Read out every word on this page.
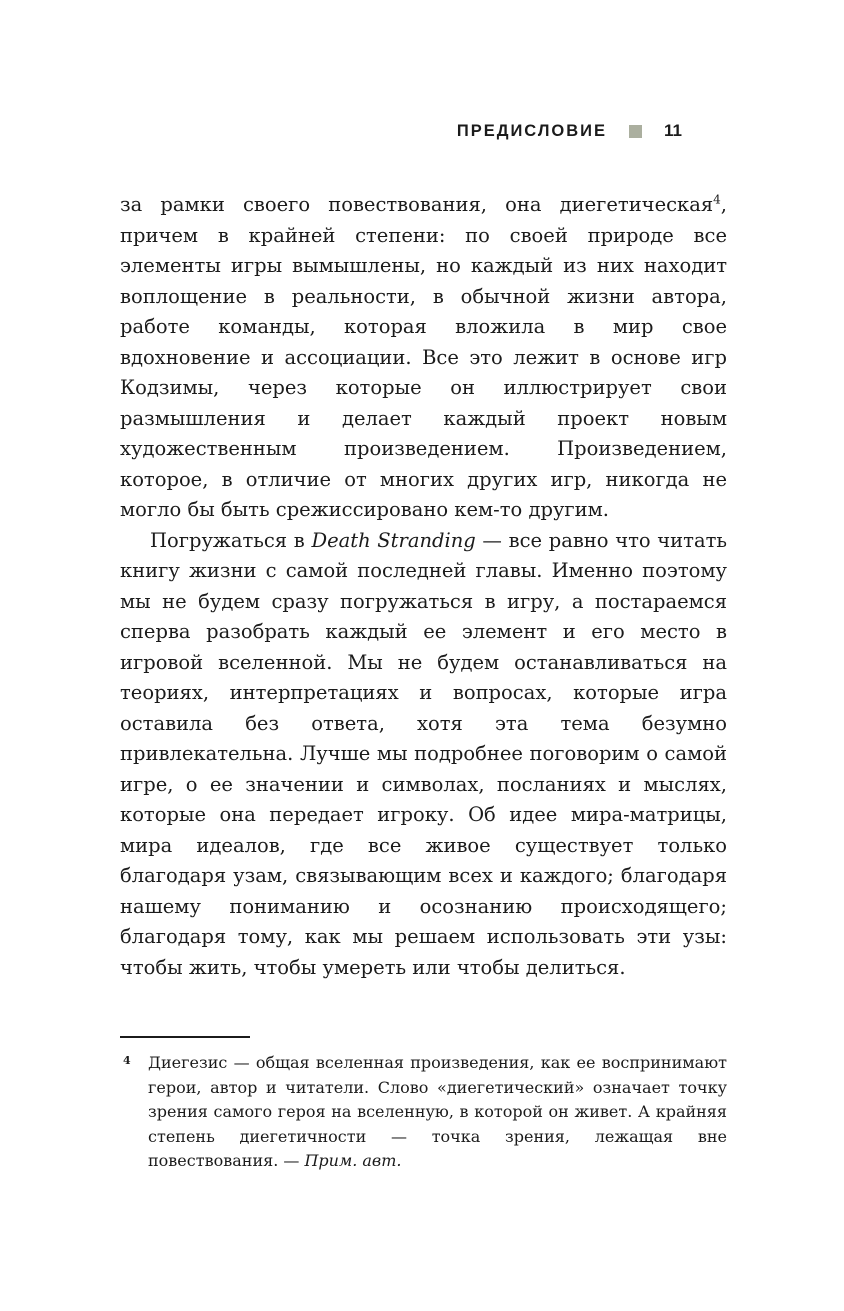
ПРЕДИСЛОВИЕ	11

за рамки своего повествования, она диегетическая$^4$, причем в крайней степени: по своей природе все элементы игры вымышлены, но каждый из них находит воплощение в реальности, в обычной жизни автора, работе команды, которая вложила в мир свое вдохновение и ассоциации. Все это лежит в основе игр Кодзимы, через которые он иллюстрирует свои размышления и делает каждый проект новым художественным произведением. Произведением, которое, в отличие от многих других игр, никогда не могло бы быть срежиссировано кем-то другим.

Погружаться в Death Stranding — все равно что читать книгу жизни с самой последней главы. Именно поэтому мы не будем сразу погружаться в игру, а постараемся сперва разобрать каждый ее элемент и его место в игровой вселенной. Мы не будем останавливаться на теориях, интерпретациях и вопросах, которые игра оставила без ответа, хотя эта тема безумно привлекательна. Лучше мы подробнее поговорим о самой игре, о ее значении и символах, посланиях и мыслях, которые она передает игроку. Об идее мира-матрицы, мира идеалов, где все живое существует только благодаря узам, связывающим всех и каждого; благодаря нашему пониманию и осознанию происходящего; благодаря тому, как мы решаем использовать эти узы: чтобы жить, чтобы умереть или чтобы делиться.

4 Диегезис — общая вселенная произведения, как ее воспринимают герои, автор и читатели. Слово «диегетический» означает точку зрения самого героя на вселенную, в которой он живет. А крайняя степень диегетичности — точка зрения, лежащая вне повествования. — Прим. авт.
